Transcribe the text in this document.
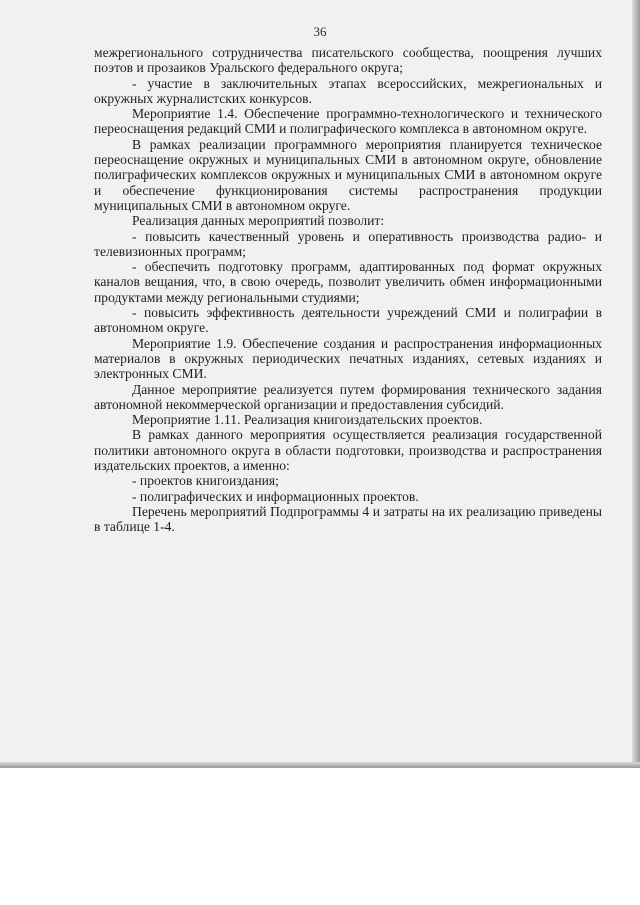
36

межрегионального сотрудничества писательского сообщества, поощрения лучших поэтов и прозаиков Уральского федерального округа;

- участие в заключительных этапах всероссийских, межрегиональных и окружных журналистских конкурсов.

Мероприятие 1.4. Обеспечение программно-технологического и технического переоснащения редакций СМИ и полиграфического комплекса в автономном округе.

В рамках реализации программного мероприятия планируется техническое переоснащение окружных и муниципальных СМИ в автономном округе, обновление полиграфических комплексов окружных и муниципальных СМИ в автономном округе и обеспечение функционирования системы распространения продукции муниципальных СМИ в автономном округе.

Реализация данных мероприятий позволит:

- повысить качественный уровень и оперативность производства радио- и телевизионных программ;

- обеспечить подготовку программ, адаптированных под формат окружных каналов вещания, что, в свою очередь, позволит увеличить обмен информационными продуктами между региональными студиями;

- повысить эффективность деятельности учреждений СМИ и полиграфии в автономном округе.

Мероприятие 1.9. Обеспечение создания и распространения информационных материалов в окружных периодических печатных изданиях, сетевых изданиях и электронных СМИ.

Данное мероприятие реализуется путем формирования технического задания автономной некоммерческой организации и предоставления субсидий.

Мероприятие 1.11. Реализация книгоиздательских проектов.

В рамках данного мероприятия осуществляется реализация государственной политики автономного округа в области подготовки, производства и распространения издательских проектов, а именно:

- проектов книгоиздания;

- полиграфических и информационных проектов.

Перечень мероприятий Подпрограммы 4 и затраты на их реализацию приведены в таблице 1-4.
